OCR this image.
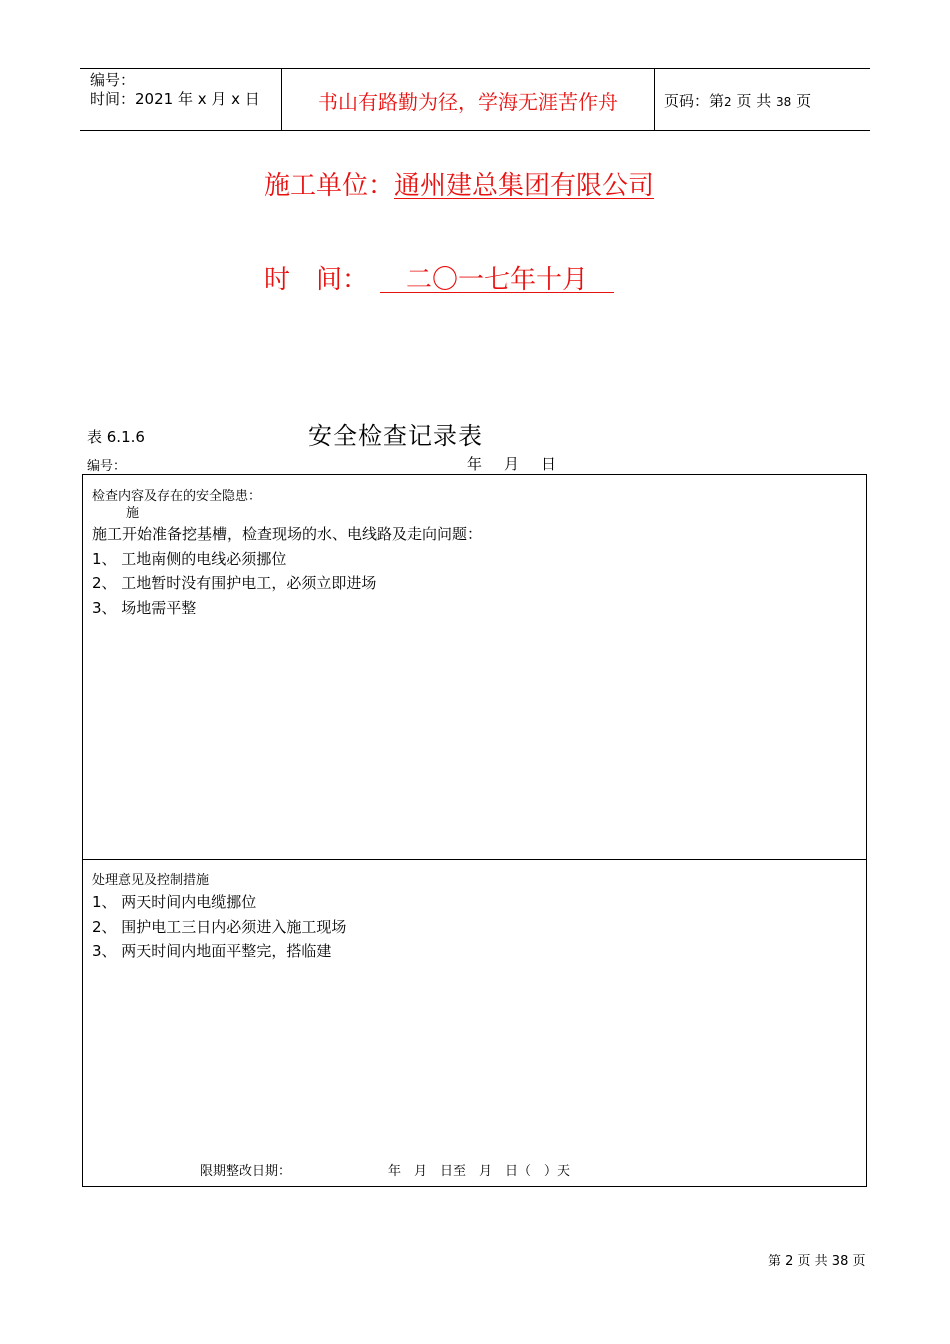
编号：
时间：2021 年 x 月 x 日	书山有路勤为径，学海无涯苦作舟	页码：第2 页 共 38 页
施工单位：通州建总集团有限公司
时　间：　二〇一七年十月　
表 6.1.6	安全检查记录表
编号：	年 月 日
检查内容及存在的安全隐患：
施
施工开始准备挖基槽，检查现场的水、电线路及走向问题：
1、 工地南侧的电线必须挪位
2、 工地暂时没有围护电工，必须立即进场
3、 场地需平整
处理意见及控制措施
1、 两天时间内电缆挪位
2、 围护电工三日内必须进入施工现场
3、 两天时间内地面平整完，搭临建
限期整改日期：	年　月　日至　月　日（　）天
第 2 页 共 38 页
